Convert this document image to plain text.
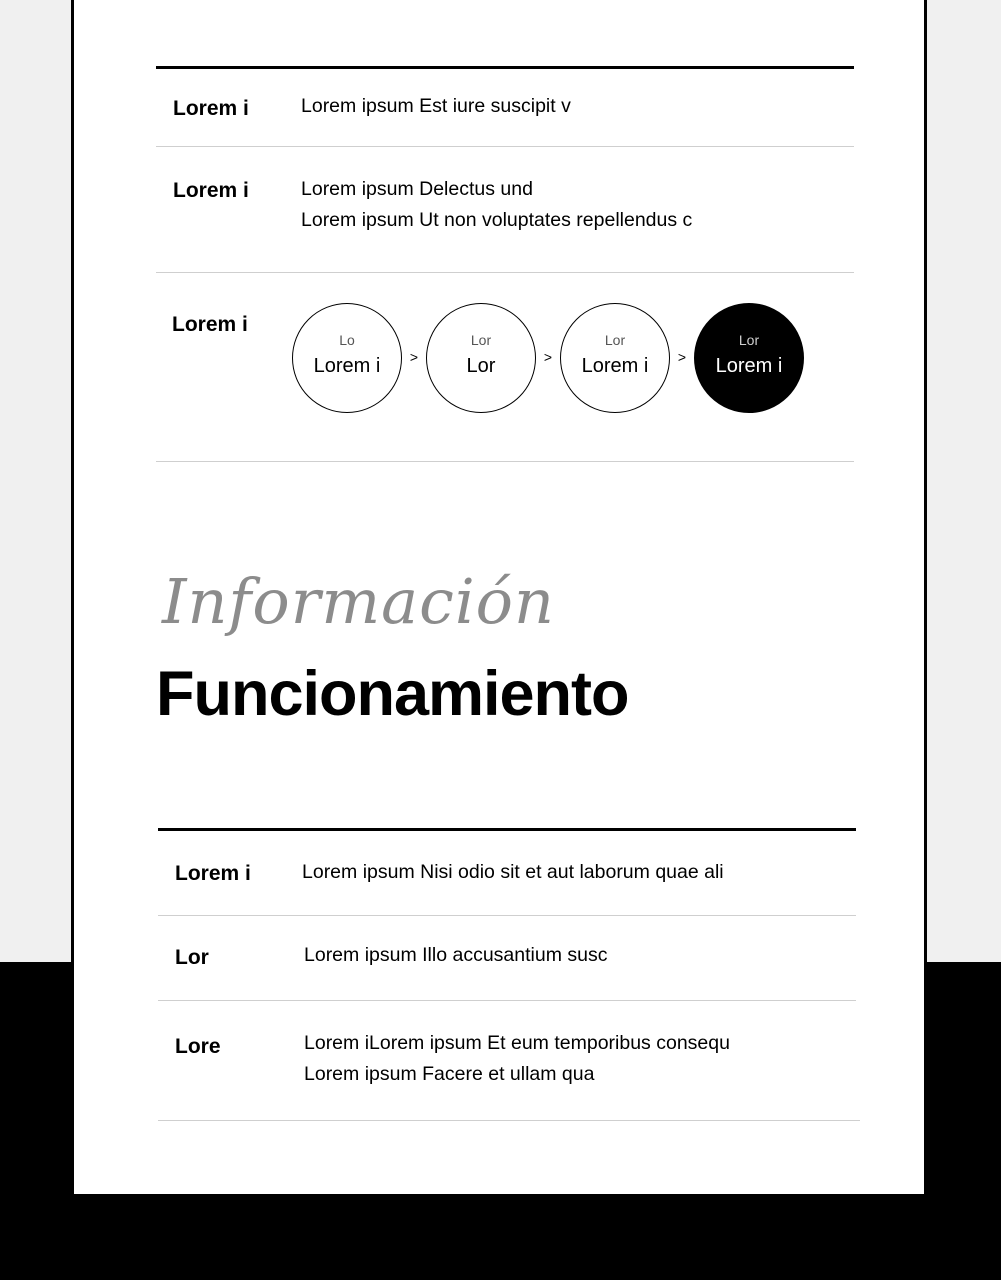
Lorem i	Lorem ipsum Est iure suscipit v
Lorem i	Lorem ipsum Delectus und
Lorem ipsum Ut non voluptates repellendus c
Lorem i
Lo
Lorem i	>
Lor
Lor	>
Lor
Lorem i	>
Lor
Lorem i
Información
Funcionamiento
Lorem i	Lorem ipsum Nisi odio sit et aut laborum quae ali
Lor	Lorem ipsum Illo accusantium susc
Lore	Lorem iLorem ipsum Et eum temporibus consequ
Lorem ipsum Facere et ullam qua
